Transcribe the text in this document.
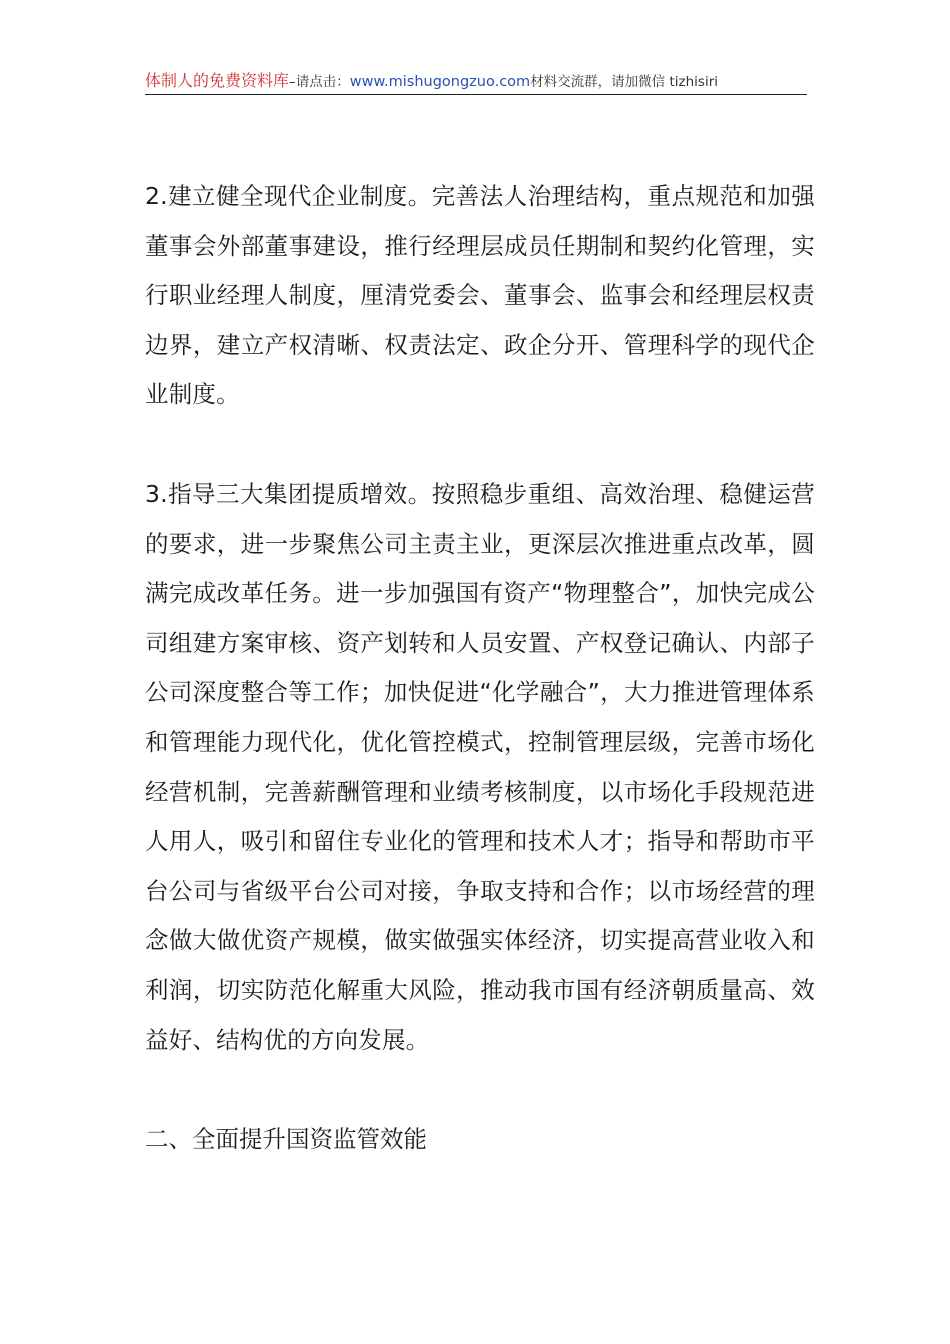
体制人的免费资料库–请点击：www.mishugongzuo.com材料交流群，请加微信 tizhisiri

2.建立健全现代企业制度。完善法人治理结构，重点规范和加强董事会外部董事建设，推行经理层成员任期制和契约化管理，实行职业经理人制度，厘清党委会、董事会、监事会和经理层权责边界，建立产权清晰、权责法定、政企分开、管理科学的现代企业制度。

3.指导三大集团提质增效。按照稳步重组、高效治理、稳健运营的要求，进一步聚焦公司主责主业，更深层次推进重点改革，圆满完成改革任务。进一步加强国有资产“物理整合”，加快完成公司组建方案审核、资产划转和人员安置、产权登记确认、内部子公司深度整合等工作；加快促进“化学融合”，大力推进管理体系和管理能力现代化，优化管控模式，控制管理层级，完善市场化经营机制，完善薪酬管理和业绩考核制度，以市场化手段规范进人用人，吸引和留住专业化的管理和技术人才；指导和帮助市平台公司与省级平台公司对接，争取支持和合作；以市场经营的理念做大做优资产规模，做实做强实体经济，切实提高营业收入和利润，切实防范化解重大风险，推动我市国有经济朝质量高、效益好、结构优的方向发展。

二、全面提升国资监管效能
